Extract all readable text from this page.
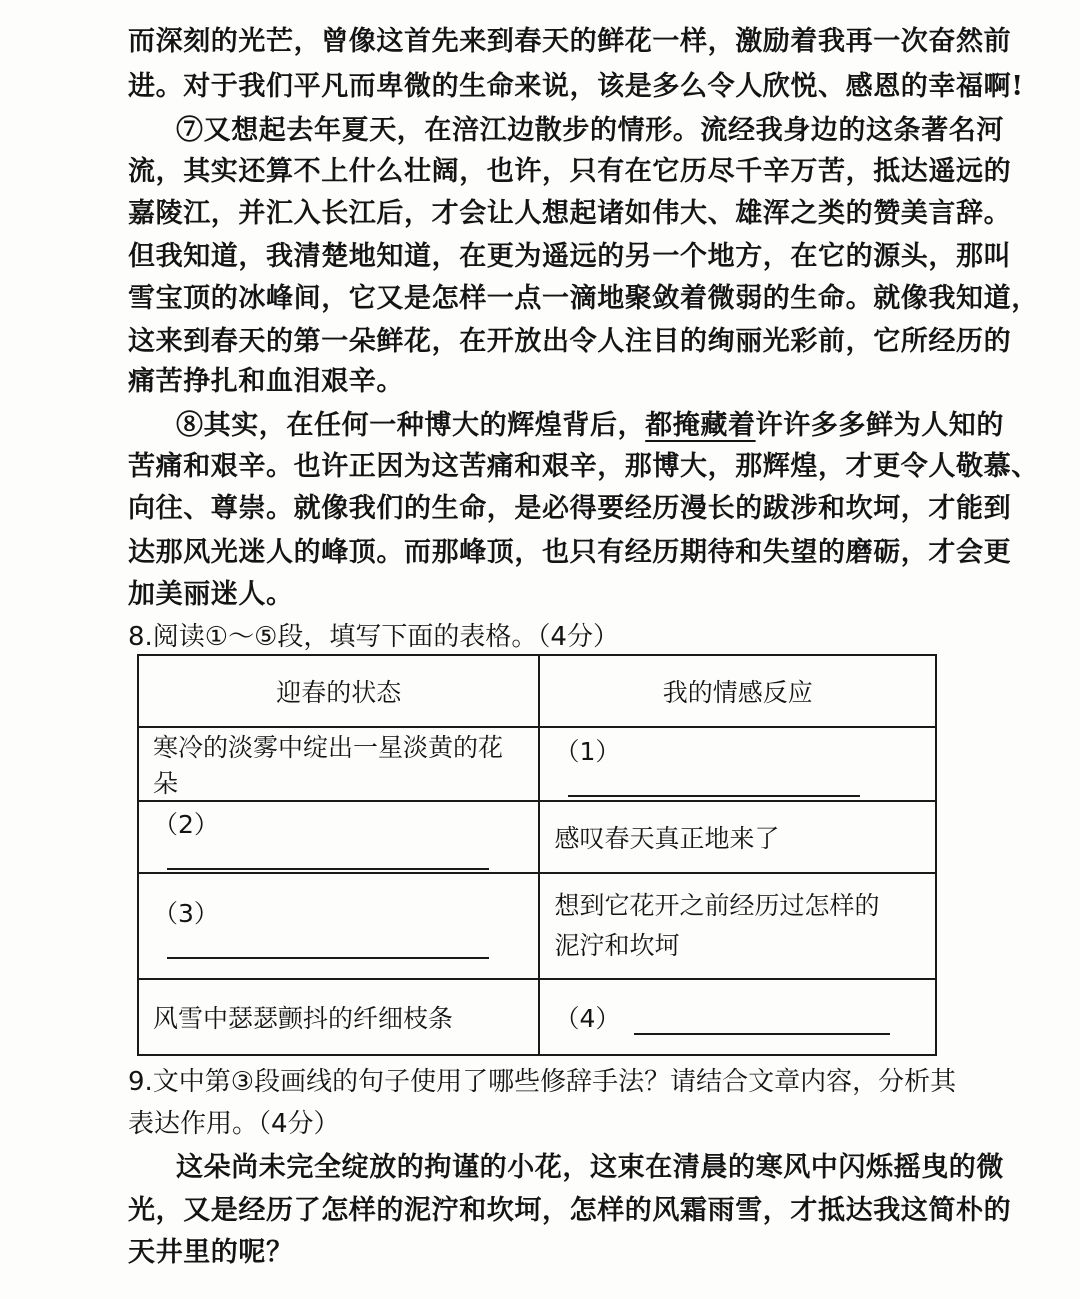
而深刻的光芒，曾像这首先来到春天的鲜花一样，激励着我再一次奋然前
进。对于我们平凡而卑微的生命来说，该是多么令人欣悦、感恩的幸福啊!
⑦又想起去年夏天，在涪江边散步的情形。流经我身边的这条著名河
流，其实还算不上什么壮阔，也许，只有在它历尽千辛万苦，抵达遥远的
嘉陵江，并汇入长江后，才会让人想起诸如伟大、雄浑之类的赞美言辞。
但我知道，我清楚地知道，在更为遥远的另一个地方，在它的源头，那叫
雪宝顶的冰峰间，它又是怎样一点一滴地聚敛着微弱的生命。就像我知道，
这来到春天的第一朵鲜花，在开放出令人注目的绚丽光彩前，它所经历的
痛苦挣扎和血泪艰辛。
⑧其实，在任何一种博大的辉煌背后，都掩藏着许许多多鲜为人知的
苦痛和艰辛。也许正因为这苦痛和艰辛，那博大，那辉煌，才更令人敬慕、
向往、尊崇。就像我们的生命，是必得要经历漫长的跋涉和坎坷，才能到
达那风光迷人的峰顶。而那峰顶，也只有经历期待和失望的磨砺，才会更
加美丽迷人。
8.阅读①～⑤段，填写下面的表格。（4分）
迎春的状态	我的情感反应
寒冷的淡雾中绽出一星淡黄的花朵	（1）
（2）	感叹春天真正地来了
（3）	想到它花开之前经历过怎样的
泥泞和坎坷

风雪中瑟瑟颤抖的纤细枝条	（4）
9.文中第③段画线的句子使用了哪些修辞手法？请结合文章内容，分析其
表达作用。（4分）
这朵尚未完全绽放的拘谨的小花，这束在清晨的寒风中闪烁摇曳的微
光，又是经历了怎样的泥泞和坎坷，怎样的风霜雨雪，才抵达我这简朴的
天井里的呢？
